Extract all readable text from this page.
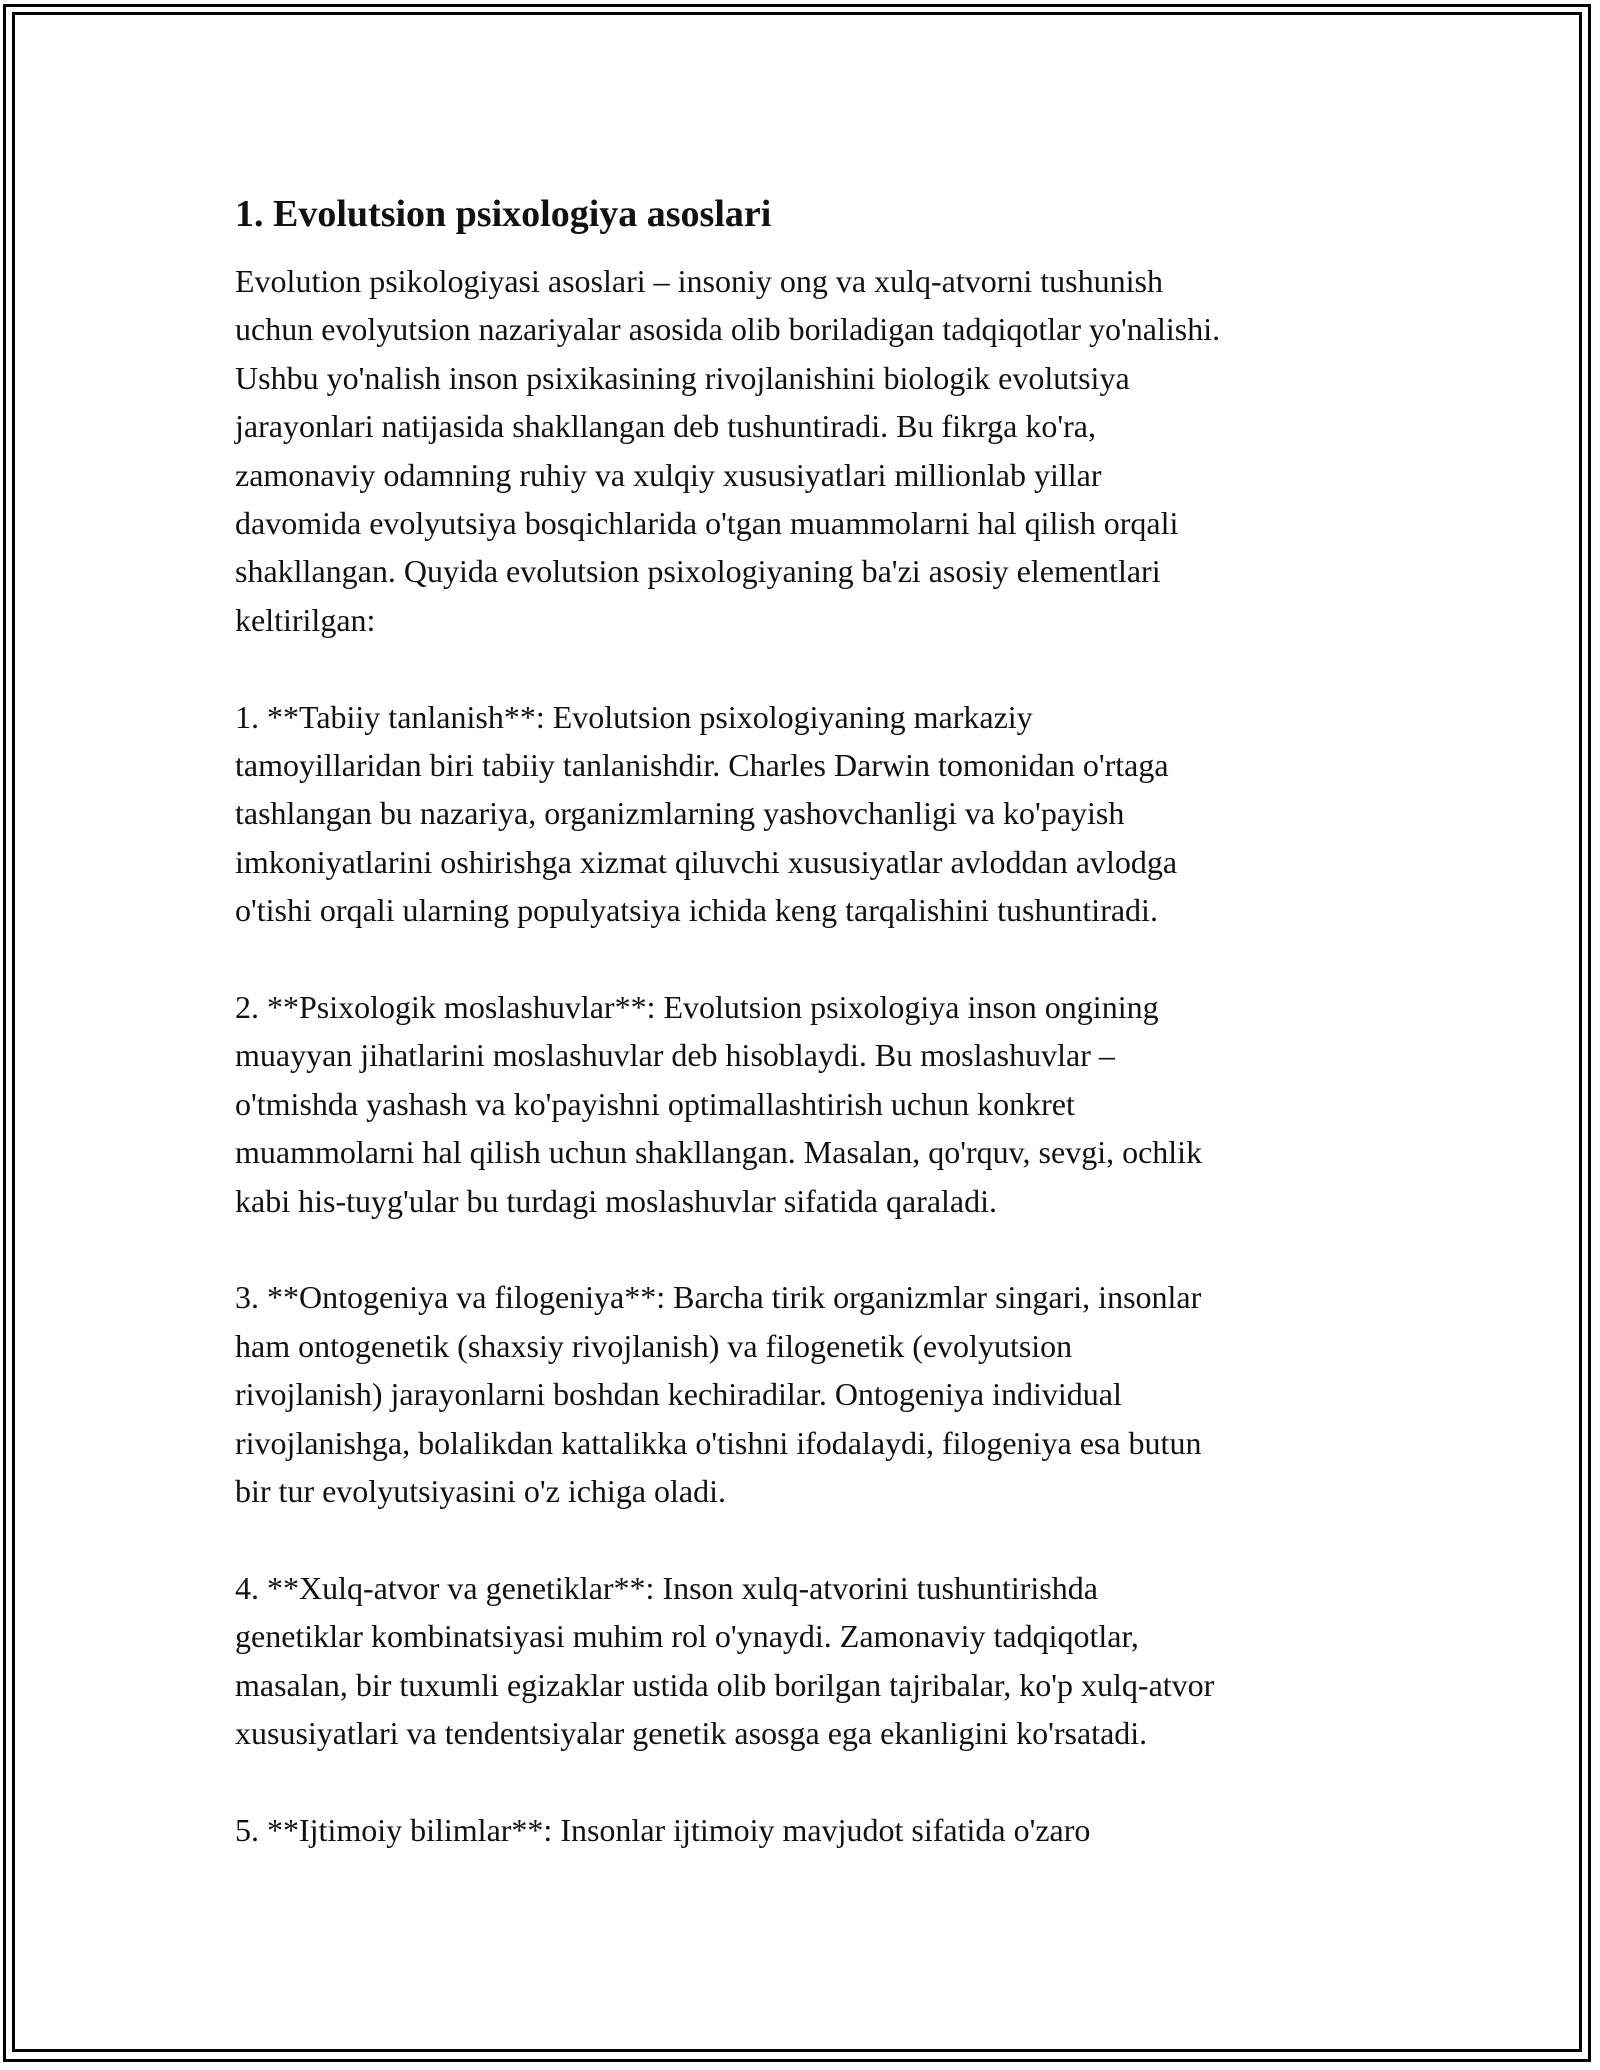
1. Evolutsion psixologiya asoslari
Evolution psikologiyasi asoslari – insoniy ong va xulq-atvorni tushunish
uchun evolyutsion nazariyalar asosida olib boriladigan tadqiqotlar yo'nalishi.
Ushbu yo'nalish inson psixikasining rivojlanishini biologik evolutsiya
jarayonlari natijasida shakllangan deb tushuntiradi. Bu fikrga ko'ra,
zamonaviy odamning ruhiy va xulqiy xususiyatlari millionlab yillar
davomida evolyutsiya bosqichlarida o'tgan muammolarni hal qilish orqali
shakllangan. Quyida evolutsion psixologiyaning ba'zi asosiy elementlari
keltirilgan:
1. **Tabiiy tanlanish**: Evolutsion psixologiyaning markaziy
tamoyillaridan biri tabiiy tanlanishdir. Charles Darwin tomonidan o'rtaga
tashlangan bu nazariya, organizmlarning yashovchanligi va ko'payish
imkoniyatlarini oshirishga xizmat qiluvchi xususiyatlar avloddan avlodga
o'tishi orqali ularning populyatsiya ichida keng tarqalishini tushuntiradi.
2. **Psixologik moslashuvlar**: Evolutsion psixologiya inson ongining
muayyan jihatlarini moslashuvlar deb hisoblaydi. Bu moslashuvlar –
o'tmishda yashash va ko'payishni optimallashtirish uchun konkret
muammolarni hal qilish uchun shakllangan. Masalan, qo'rquv, sevgi, ochlik
kabi his-tuyg'ular bu turdagi moslashuvlar sifatida qaraladi.
3. **Ontogeniya va filogeniya**: Barcha tirik organizmlar singari, insonlar
ham ontogenetik (shaxsiy rivojlanish) va filogenetik (evolyutsion
rivojlanish) jarayonlarni boshdan kechiradilar. Ontogeniya individual
rivojlanishga, bolalikdan kattalikka o'tishni ifodalaydi, filogeniya esa butun
bir tur evolyutsiyasini o'z ichiga oladi.
4. **Xulq-atvor va genetiklar**: Inson xulq-atvorini tushuntirishda
genetiklar kombinatsiyasi muhim rol o'ynaydi. Zamonaviy tadqiqotlar,
masalan, bir tuxumli egizaklar ustida olib borilgan tajribalar, ko'p xulq-atvor
xususiyatlari va tendentsiyalar genetik asosga ega ekanligini ko'rsatadi.
5. **Ijtimoiy bilimlar**: Insonlar ijtimoiy mavjudot sifatida o'zaro
